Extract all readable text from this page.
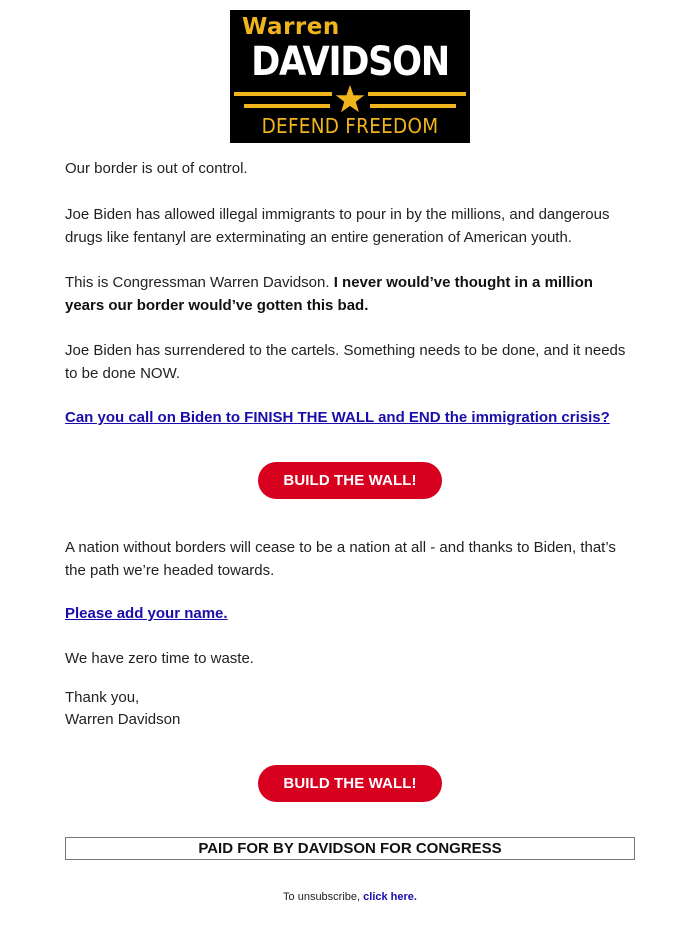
Warren
DAVIDSON
DEFEND FREEDOM

Our border is out of control.

Joe Biden has allowed illegal immigrants to pour in by the millions, and dangerous drugs like fentanyl are exterminating an entire generation of American youth.

This is Congressman Warren Davidson. I never would’ve thought in a million years our border would’ve gotten this bad.

Joe Biden has surrendered to the cartels. Something needs to be done, and it needs to be done NOW.

Can you call on Biden to FINISH THE WALL and END the immigration crisis?

BUILD THE WALL!

A nation without borders will cease to be a nation at all - and thanks to Biden, that’s the path we’re headed towards.

Please add your name.

We have zero time to waste.

Thank you,

Warren Davidson

BUILD THE WALL!
PAID FOR BY DAVIDSON FOR CONGRESS
To unsubscribe, click here.
